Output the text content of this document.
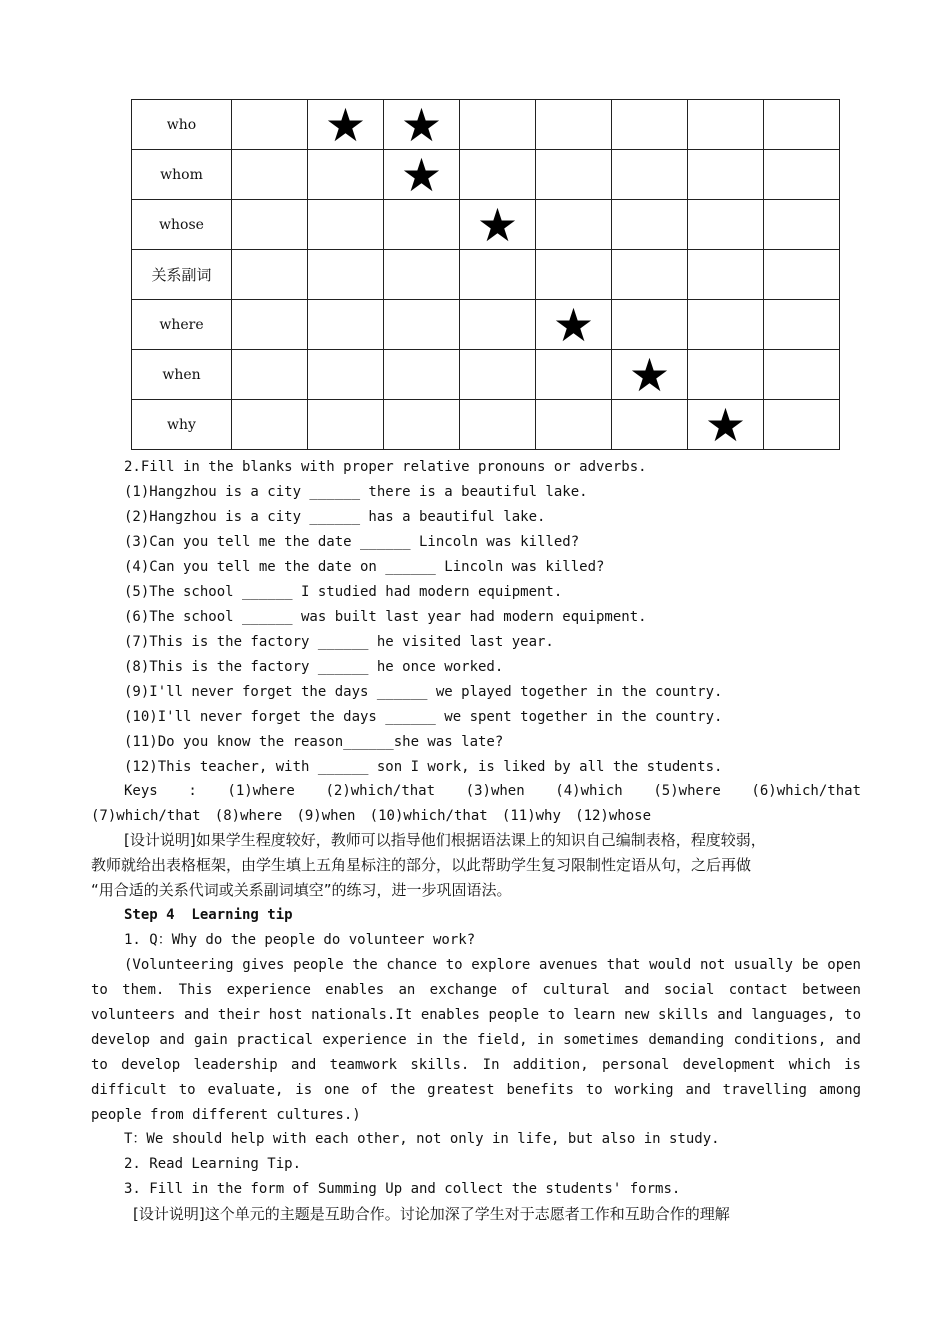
who		★	★					
whom			★					
whose				★				
关系副词								
where					★			
when						★		
why							★	
2.Fill in the blanks with proper relative pronouns or adverbs.
(1)Hangzhou is a city ______ there is a beautiful lake.
(2)Hangzhou is a city ______ has a beautiful lake.
(3)Can you tell me the date ______ Lincoln was killed?
(4)Can you tell me the date on ______ Lincoln was killed?
(5)The school ______ I studied had modern equipment.
(6)The school ______ was built last year had modern equipment.
(7)This is the factory ______ he visited last year.
(8)This is the factory ______ he once worked.
(9)I'll never forget the days ______ we played together in the country.
(10)I'll never forget the days ______ we spent together in the country.
(11)Do you know the reason______she was late?
(12)This teacher, with ______ son I work, is liked by all the students.
Keys : (1)where (2)which/that (3)when (4)which (5)where (6)which/that
(7)which/that (8)where (9)when (10)which/that (11)why (12)whose
[设计说明]如果学生程度较好，教师可以指导他们根据语法课上的知识自己编制表格，程度较弱，
教师就给出表格框架，由学生填上五角星标注的部分，以此帮助学生复习限制性定语从句，之后再做
“用合适的关系代词或关系副词填空”的练习，进一步巩固语法。
Step 4  Learning tip
1. Q：Why do the people do volunteer work?
(Volunteering gives people the chance to explore avenues that would not usually be open
to them. This experience enables an exchange of cultural and social contact between
volunteers and their host nationals.It enables people to learn new skills and languages, to
develop and gain practical experience in the field, in sometimes demanding conditions, and
to develop leadership and teamwork skills. In addition, personal development which is
difficult to evaluate, is one of the greatest benefits to working and travelling among
people from different cultures.)
T：We should help with each other, not only in life, but also in study.
2. Read Learning Tip.
3. Fill in the form of Summing Up and collect the students' forms.
[设计说明]这个单元的主题是互助合作。讨论加深了学生对于志愿者工作和互助合作的理解
